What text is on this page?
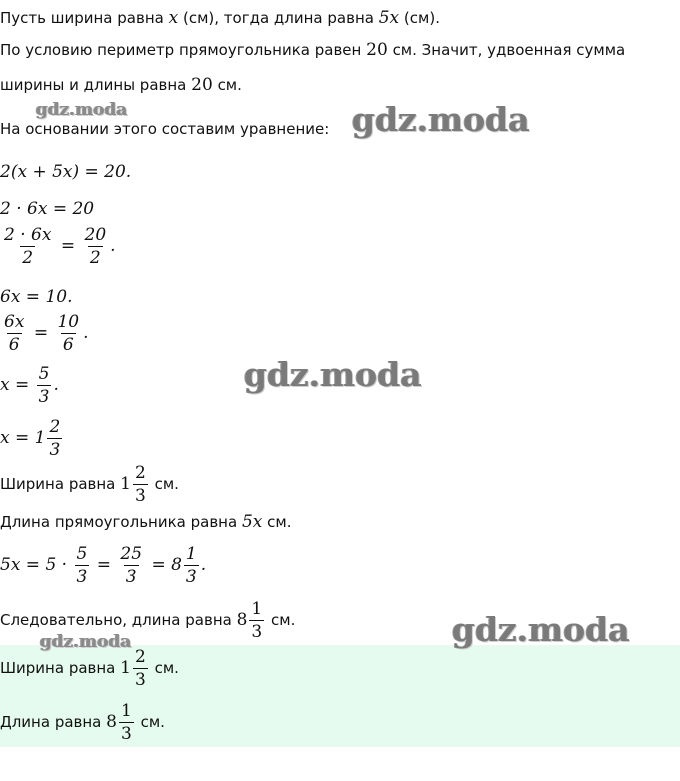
Пусть ширина равна x (см), тогда длина равна 5x (см).
По условию периметр прямоугольника равен 20 см. Значит, удвоенная сумма
ширины и длины равна 20 см.
На основании этого составим уравнение:
2(x + 5x) = 20.
2 · 6x = 20
$\frac{2 \cdot 6x}{2} = \frac{20}{2}$ .
6x = 10.
$\frac{6x}{6} = \frac{10}{6}$ .
$x = \frac{5}{3}$ .
$x = 1 \frac{2}{3}$
Ширина равна $1 \frac{2}{3}$ см.
Длина прямоугольника равна 5x см.
$5x = 5 \cdot \frac{5}{3} = \frac{25}{3} = 8 \frac{1}{3}$ .
Следовательно, длина равна $8 \frac{1}{3}$ см.
Ширина равна $1 \frac{2}{3}$ см.
Длина равна $8 \frac{1}{3}$ см.
gdz.moda	gdz.moda
gdz.moda
gdz.moda
gdz.moda
